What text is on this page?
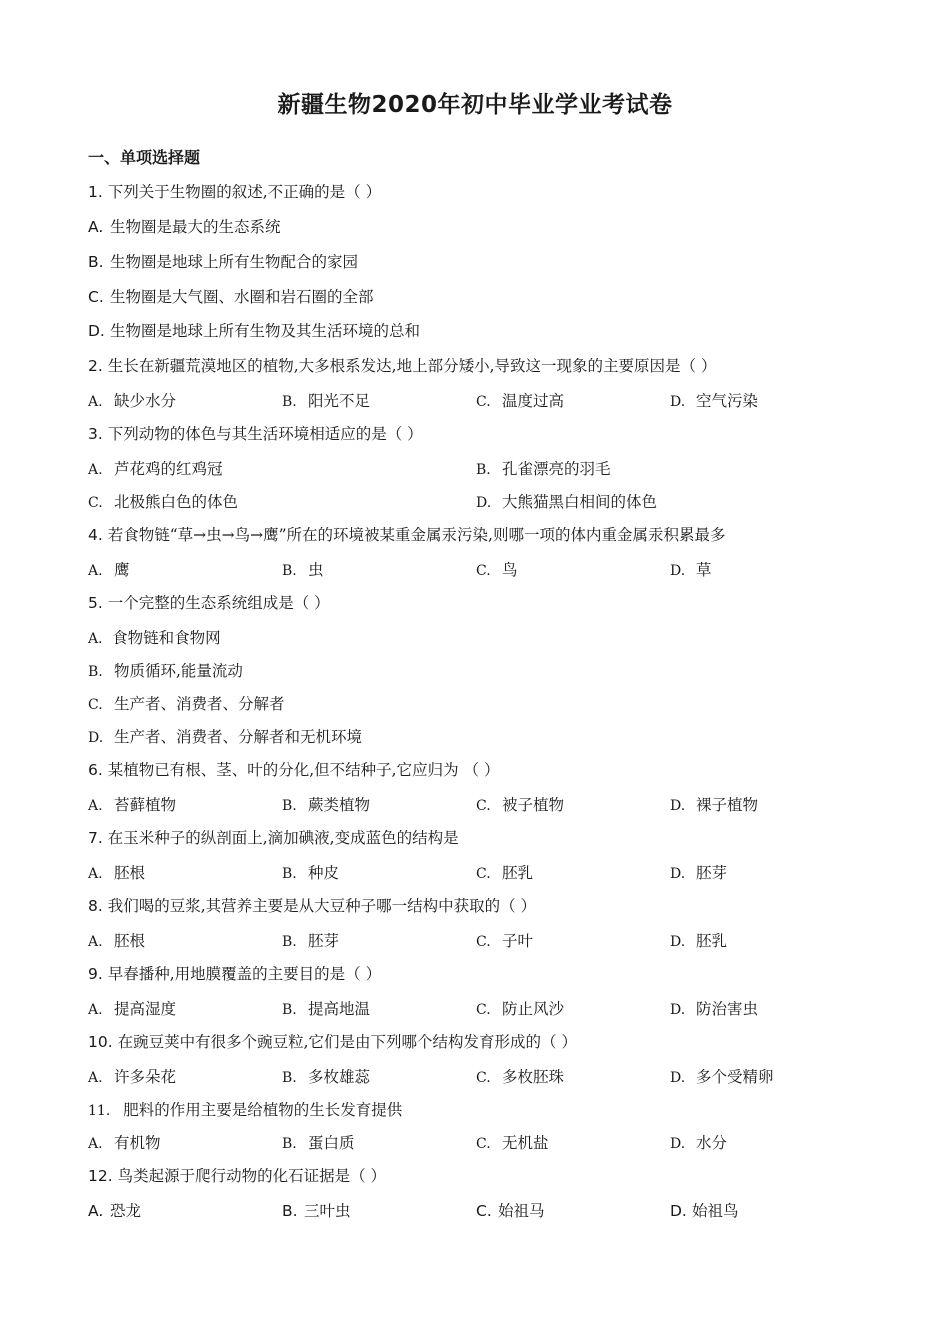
新疆生物2020年初中毕业学业考试卷
一、单项选择题
1. 下列关于生物圈的叙述,不正确的是（ ）
A. 生物圈是最大的生态系统
B. 生物圈是地球上所有生物配合的家园
C. 生物圈是大气圈、水圈和岩石圈的全部
D. 生物圈是地球上所有生物及其生活环境的总和
2. 生长在新疆荒漠地区的植物,大多根系发达,地上部分矮小,导致这一现象的主要原因是（ ）
A. 缺少水分	B. 阳光不足	C. 温度过高	D. 空气污染
3. 下列动物的体色与其生活环境相适应的是（ ）
A. 芦花鸡的红鸡冠	B. 孔雀漂亮的羽毛
C. 北极熊白色的体色	D. 大熊猫黑白相间的体色
4. 若食物链“草→虫→鸟→鹰”所在的环境被某重金属汞污染,则哪一项的体内重金属汞积累最多
A. 鹰	B. 虫	C. 鸟	D. 草
5. 一个完整的生态系统组成是（ ）
A．食物链和食物网
B. 物质循环,能量流动
C. 生产者、消费者、分解者
D. 生产者、消费者、分解者和无机环境
6. 某植物已有根、茎、叶的分化,但不结种子,它应归为 （ ）
A. 苔藓植物	B. 蕨类植物	C. 被子植物	D. 裸子植物
7. 在玉米种子的纵剖面上,滴加碘液,变成蓝色的结构是
A. 胚根	B. 种皮	C. 胚乳	D. 胚芽
8. 我们喝的豆浆,其营养主要是从大豆种子哪一结构中获取的（ ）
A. 胚根	B. 胚芽	C. 子叶	D. 胚乳
9. 早春播种,用地膜覆盖的主要目的是（ ）
A. 提高湿度	B. 提高地温	C. 防止风沙	D. 防治害虫
10. 在豌豆荚中有很多个豌豆粒,它们是由下列哪个结构发育形成的（ ）
A. 许多朵花	B. 多枚雄蕊	C. 多枚胚珠	D. 多个受精卵
11. 肥料的作用主要是给植物的生长发育提供
A. 有机物	B. 蛋白质	C. 无机盐	D. 水分
12. 鸟类起源于爬行动物的化石证据是（ ）
A. 恐龙	B. 三叶虫	C. 始祖马	D. 始祖鸟
